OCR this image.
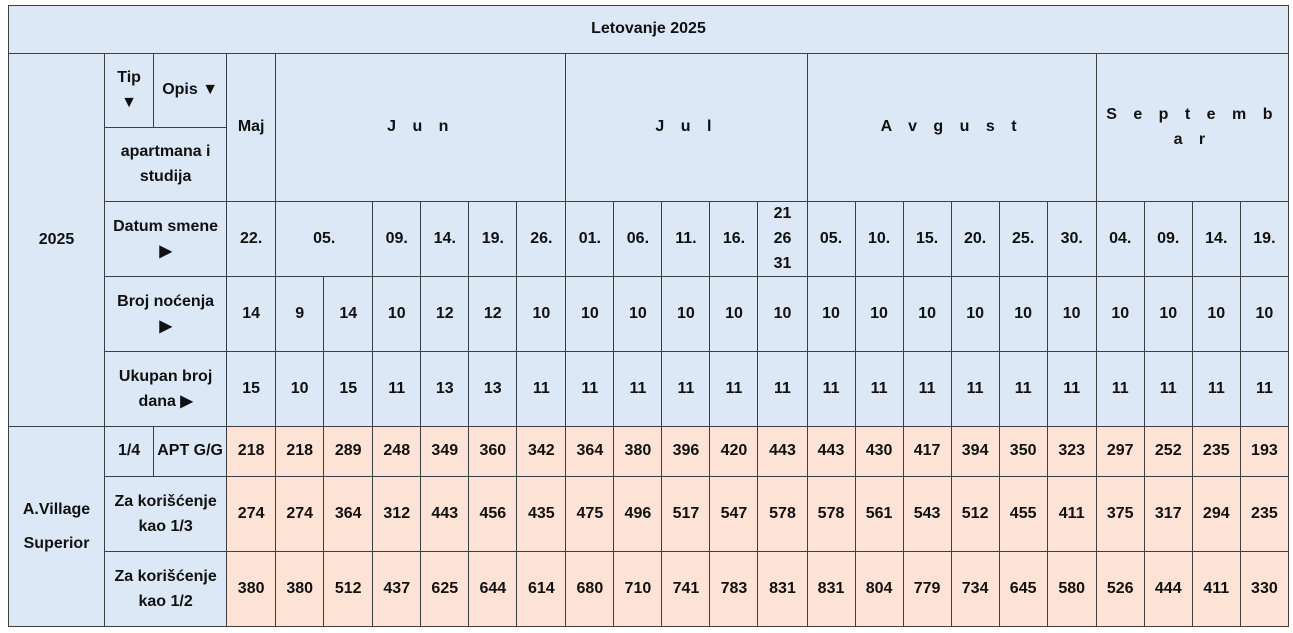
Letovanje 2025																								
2025	Tip ▼	Opis ▼	Maj	J u n						J u l					A v g u s t						S e p t e m b a r			
	apartmana i studija																							
	Datum smene ▶		22.	05.		09.	14.	19.	26.	01.	06.	11.	16.	21 26 31	05.	10.	15.	20.	25.	30.	04.	09.	14.	19.
	Broj noćenja ▶		14	9	14	10	12	12	10	10	10	10	10	10	10	10	10	10	10	10	10	10	10	10
	Ukupan broj dana ▶		15	10	15	11	13	13	11	11	11	11	11	11	11	11	11	11	11	11	11	11	11	11
A.Village
Superior	1/4	APT G/G	218	218	289	248	349	360	342	364	380	396	420	443	443	430	417	394	350	323	297	252	235	193
	Za korišćenje kao 1/3		274	274	364	312	443	456	435	475	496	517	547	578	578	561	543	512	455	411	375	317	294	235
	Za korišćenje kao 1/2		380	380	512	437	625	644	614	680	710	741	783	831	831	804	779	734	645	580	526	444	411	330
